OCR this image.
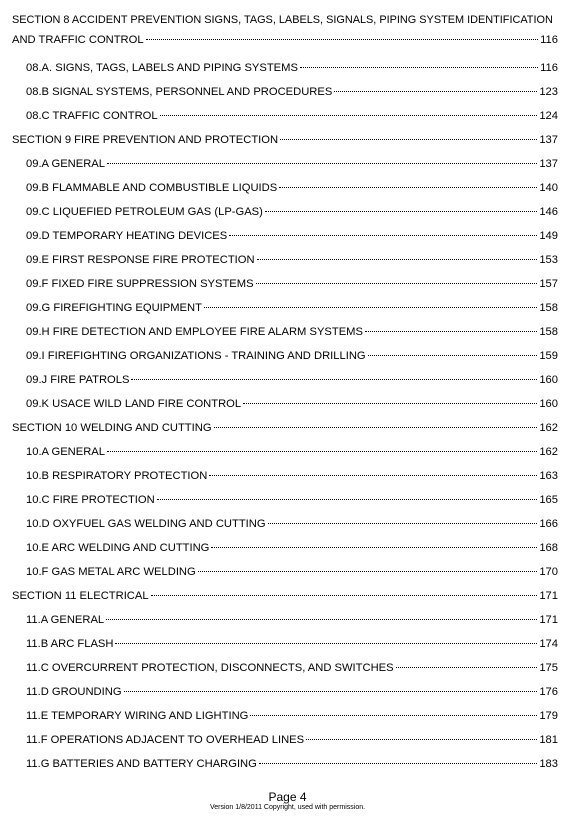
SECTION 8 ACCIDENT PREVENTION SIGNS, TAGS, LABELS, SIGNALS, PIPING SYSTEM IDENTIFICATION
AND TRAFFIC CONTROL	116
08.A. SIGNS, TAGS, LABELS AND PIPING SYSTEMS	116
08.B SIGNAL SYSTEMS, PERSONNEL AND PROCEDURES	123
08.C TRAFFIC CONTROL	124
SECTION 9 FIRE PREVENTION AND PROTECTION	137
09.A GENERAL	137
09.B FLAMMABLE AND COMBUSTIBLE LIQUIDS	140
09.C LIQUEFIED PETROLEUM GAS (LP-GAS)	146
09.D TEMPORARY HEATING DEVICES	149
09.E FIRST RESPONSE FIRE PROTECTION	153
09.F FIXED FIRE SUPPRESSION SYSTEMS	157
09.G FIREFIGHTING EQUIPMENT	158
09.H FIRE DETECTION AND EMPLOYEE FIRE ALARM SYSTEMS	158
09.I FIREFIGHTING ORGANIZATIONS - TRAINING AND DRILLING	159
09.J FIRE PATROLS	160
09.K USACE WILD LAND FIRE CONTROL	160
SECTION 10 WELDING AND CUTTING	162
10.A GENERAL	162
10.B RESPIRATORY PROTECTION	163
10.C FIRE PROTECTION	165
10.D OXYFUEL GAS WELDING AND CUTTING	166
10.E ARC WELDING AND CUTTING	168
10.F GAS METAL ARC WELDING	170
SECTION 11 ELECTRICAL	171
11.A GENERAL	171
11.B ARC FLASH	174
11.C OVERCURRENT PROTECTION, DISCONNECTS, AND SWITCHES	175
11.D GROUNDING	176
11.E TEMPORARY WIRING AND LIGHTING	179
11.F OPERATIONS ADJACENT TO OVERHEAD LINES	181
11.G BATTERIES AND BATTERY CHARGING	183
Page 4
Version 1/8/2011 Copyright, used with permission.
